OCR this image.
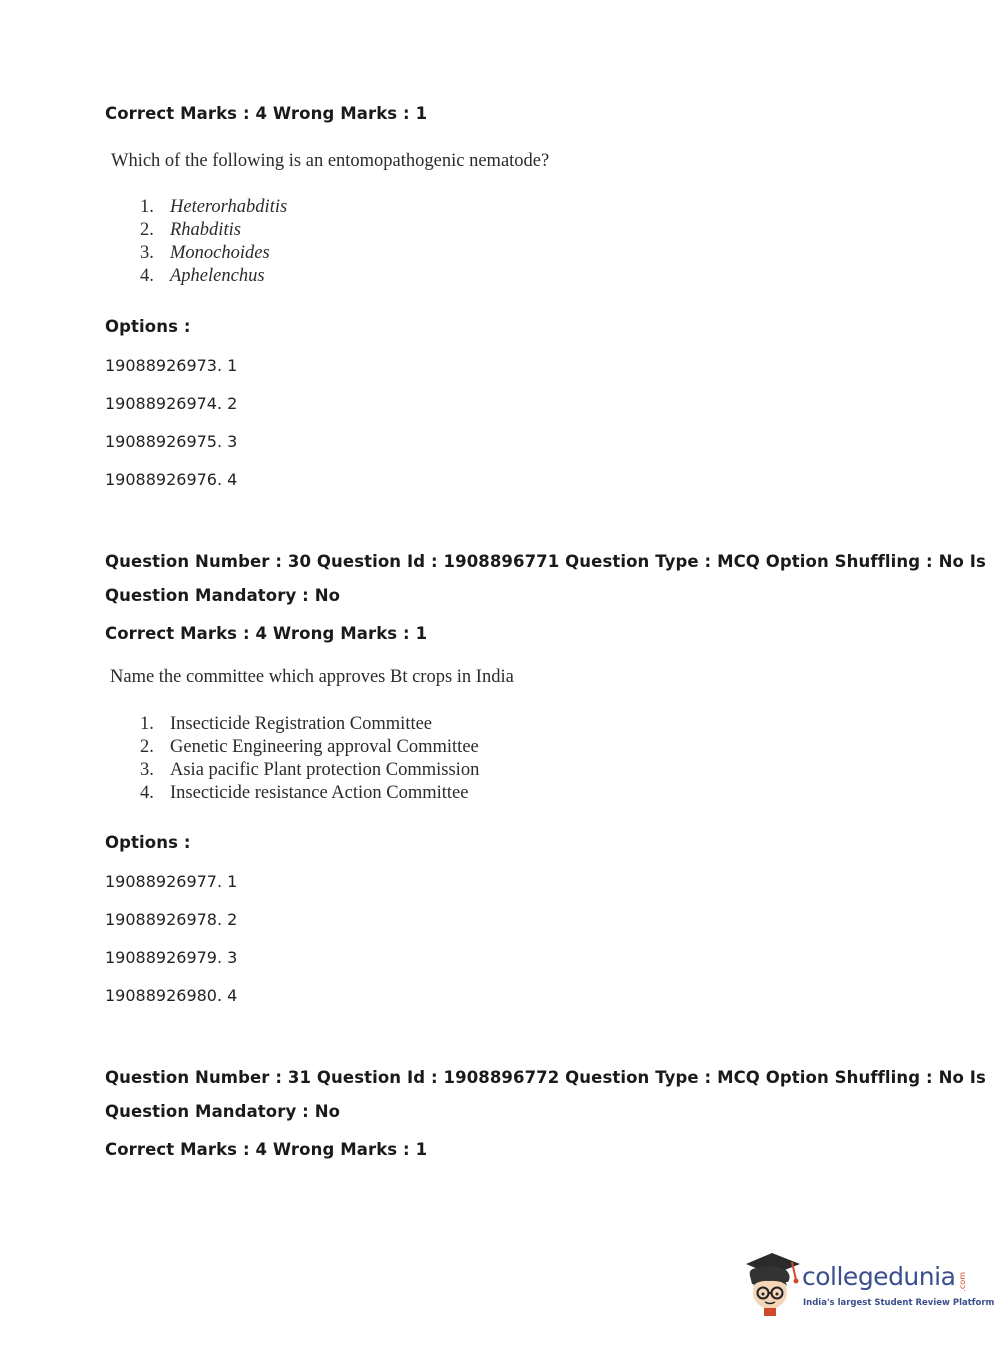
Correct Marks : 4 Wrong Marks : 1
Which of the following is an entomopathogenic nematode?
1. Heterorhabditis
2. Rhabditis
3. Monochoides
4. Aphelenchus
Options :
19088926973. 1
19088926974. 2
19088926975. 3
19088926976. 4
Question Number : 30 Question Id : 1908896771 Question Type : MCQ Option Shuffling : No Is
Question Mandatory : No
Correct Marks : 4 Wrong Marks : 1
Name the committee which approves Bt crops in India
1. Insecticide Registration Committee
2. Genetic Engineering approval Committee
3. Asia pacific Plant protection Commission
4. Insecticide resistance Action Committee
Options :
19088926977. 1
19088926978. 2
19088926979. 3
19088926980. 4
Question Number : 31 Question Id : 1908896772 Question Type : MCQ Option Shuffling : No Is
Question Mandatory : No
Correct Marks : 4 Wrong Marks : 1
collegedunia .com
India's largest Student Review Platform
